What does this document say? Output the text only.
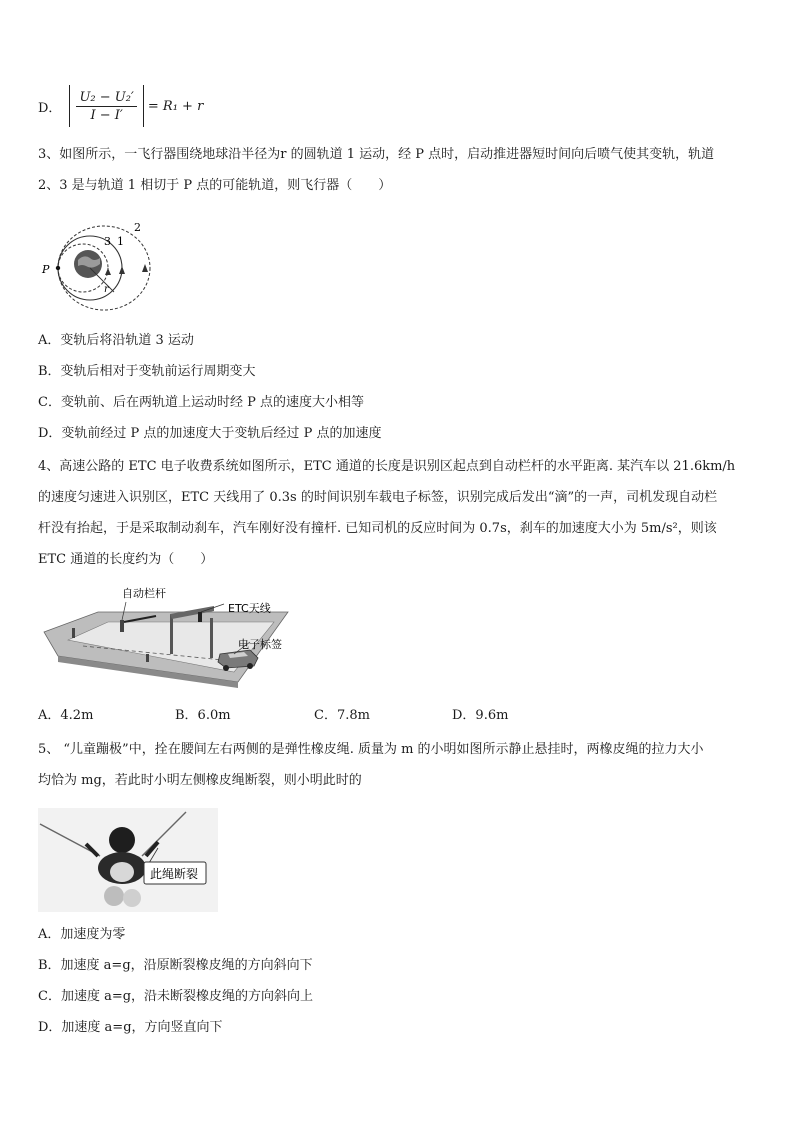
D． $\frac{\text{U₂ − U₂′}}{I - I'} = R_1 + r$
3、如图所示，一飞行器围绕地球沿半径为r 的圆轨道 1 运动，经 P 点时，启动推进器短时间向后喷气使其变轨，轨道
2、3 是与轨道 1 相切于 P 点的可能轨道，则飞行器（　　）
P
r
1
2
3
A．变轨后将沿轨道 3 运动
B．变轨后相对于变轨前运行周期变大
C．变轨前、后在两轨道上运动时经 P 点的速度大小相等
D．变轨前经过 P 点的加速度大于变轨后经过 P 点的加速度
4、高速公路的 ETC 电子收费系统如图所示，ETC 通道的长度是识别区起点到自动栏杆的水平距离. 某汽车以 21.6km/h
的速度匀速进入识别区，ETC 天线用了 0.3s 的时间识别车载电子标签，识别完成后发出“滴”的一声，司机发现自动栏
杆没有抬起，于是采取制动刹车，汽车刚好没有撞杆. 已知司机的反应时间为 0.7s，刹车的加速度大小为 5m/s²，则该
ETC 通道的长度约为（　　）
自动栏杆
ETC天线
电子标签
A．4.2m	B．6.0m	C．7.8m	D．9.6m
5、 “儿童蹦极”中，拴在腰间左右两侧的是弹性橡皮绳. 质量为 m 的小明如图所示静止悬挂时，两橡皮绳的拉力大小
均恰为 mg，若此时小明左侧橡皮绳断裂，则小明此时的
此绳断裂
A．加速度为零
B．加速度 a=g，沿原断裂橡皮绳的方向斜向下
C．加速度 a=g，沿未断裂橡皮绳的方向斜向上
D．加速度 a=g，方向竖直向下
